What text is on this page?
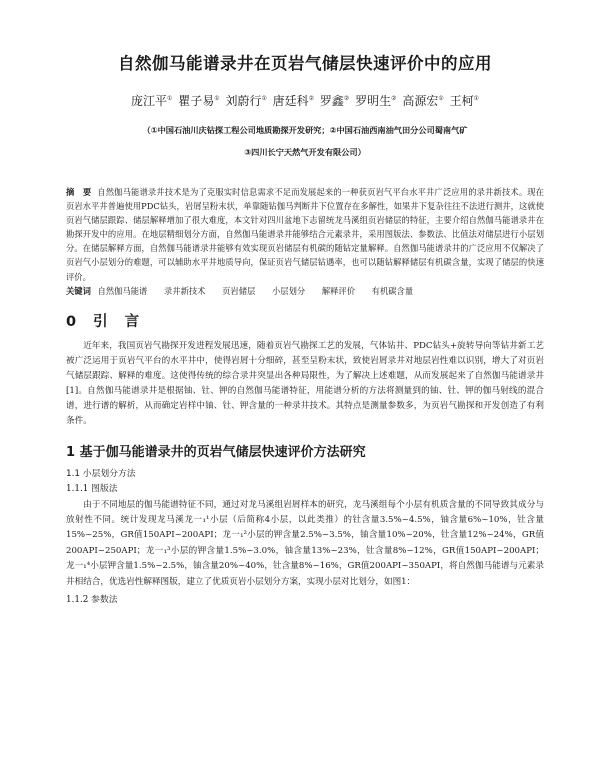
自然伽马能谱录井在页岩气储层快速评价中的应用
庞江平① 瞿子易① 刘蔚行① 唐廷科② 罗鑫② 罗明生② 高源宏① 王柯①
（①中国石油川庆钻探工程公司地质勘探开发研究；②中国石油西南油气田分公司蜀南气矿
③四川长宁天然气开发有限公司）
摘　要 自然伽马能谱录井技术是为了克服实时信息需求不足而发展起来的一种获页岩气平台水平井广泛应用的录井新技术。现在页岩水平井普遍使用PDC钻头，岩屑呈粉末状，单靠随钻伽马判断井下位置存在多解性，如果井下复杂往往不法进行测井，这就使页岩气储层跟踪、储层解释增加了很大难度，本文针对四川盆地下志留统龙马溪组页岩储层的特征，主要介绍自然伽马能谱录井在勘探开发中的应用。在地层精细划分方面，自然伽马能谱录井能够结合元素录井，采用图版法、参数法、比值法对储层进行小层划分。在储层解释方面，自然伽马能谱录井能够有效实现页岩储层有机碳的随钻定量解释。自然伽马能谱录井的广泛应用不仅解决了页岩气小层划分的难题，可以辅助水平井地质导向，保证页岩气储层钻遇率，也可以随钻解释储层有机碳含量，实现了储层的快速评价。
关键词 自然伽马能谱 录井新技术 页岩储层 小层划分 解释评价 有机碳含量
0 引 言

近年来，我国页岩气勘探开发进程发展迅速，随着页岩气勘探工艺的发展，气体钻井、PDC钻头+旋转导向等钻井新工艺被广泛运用于页岩气平台的水平井中，使得岩屑十分细碎，甚至呈粉末状，致使岩屑录井对地层岩性难以识别，增大了对页岩气储层跟踪、解释的难度。这使得传统的综合录井突显出各种局限性，为了解决上述难题，从而发展起来了自然伽马能谱录井[1]。自然伽马能谱录井是根据铀、钍、钾的自然伽马能谱特征，用能谱分析的方法将测量到的铀、钍、钾的伽马射线的混合谱，进行谱的解析，从而确定岩样中铀、钍、钾含量的一种录井技术。其特点是测量参数多，为页岩气勘探和开发创造了有利条件。

1 基于伽马能谱录井的页岩气储层快速评价方法研究
1.1 小层划分方法
1.1.1 图版法

由于不同地层的伽马能谱特征不同，通过对龙马溪组岩屑样本的研究，龙马溪组每个小层有机质含量的不同导致其成分与放射性不同。统计发现龙马溪龙一₁¹小层（后简称4小层，以此类推）的钍含量3.5%~4.5%，铀含量6%~10%，钍含量15%~25%，GR值150API~200API；龙一₁²小层的钾含量2.5%~3.5%，铀含量10%~20%，钍含量12%~24%，GR值200API~250API；龙一₁³小层的钾含量1.5%~3.0%，铀含量13%~23%，钍含量8%~12%，GR值150API~200API；龙一₁⁴小层钾含量1.5%~2.5%，铀含量20%~40%，钍含量8%~16%，GR值200API~350API，将自然伽马能谱与元素录井相结合，优选岩性解释图版，建立了优质页岩小层划分方案，实现小层对比划分，如图1：

1.1.2 参数法
